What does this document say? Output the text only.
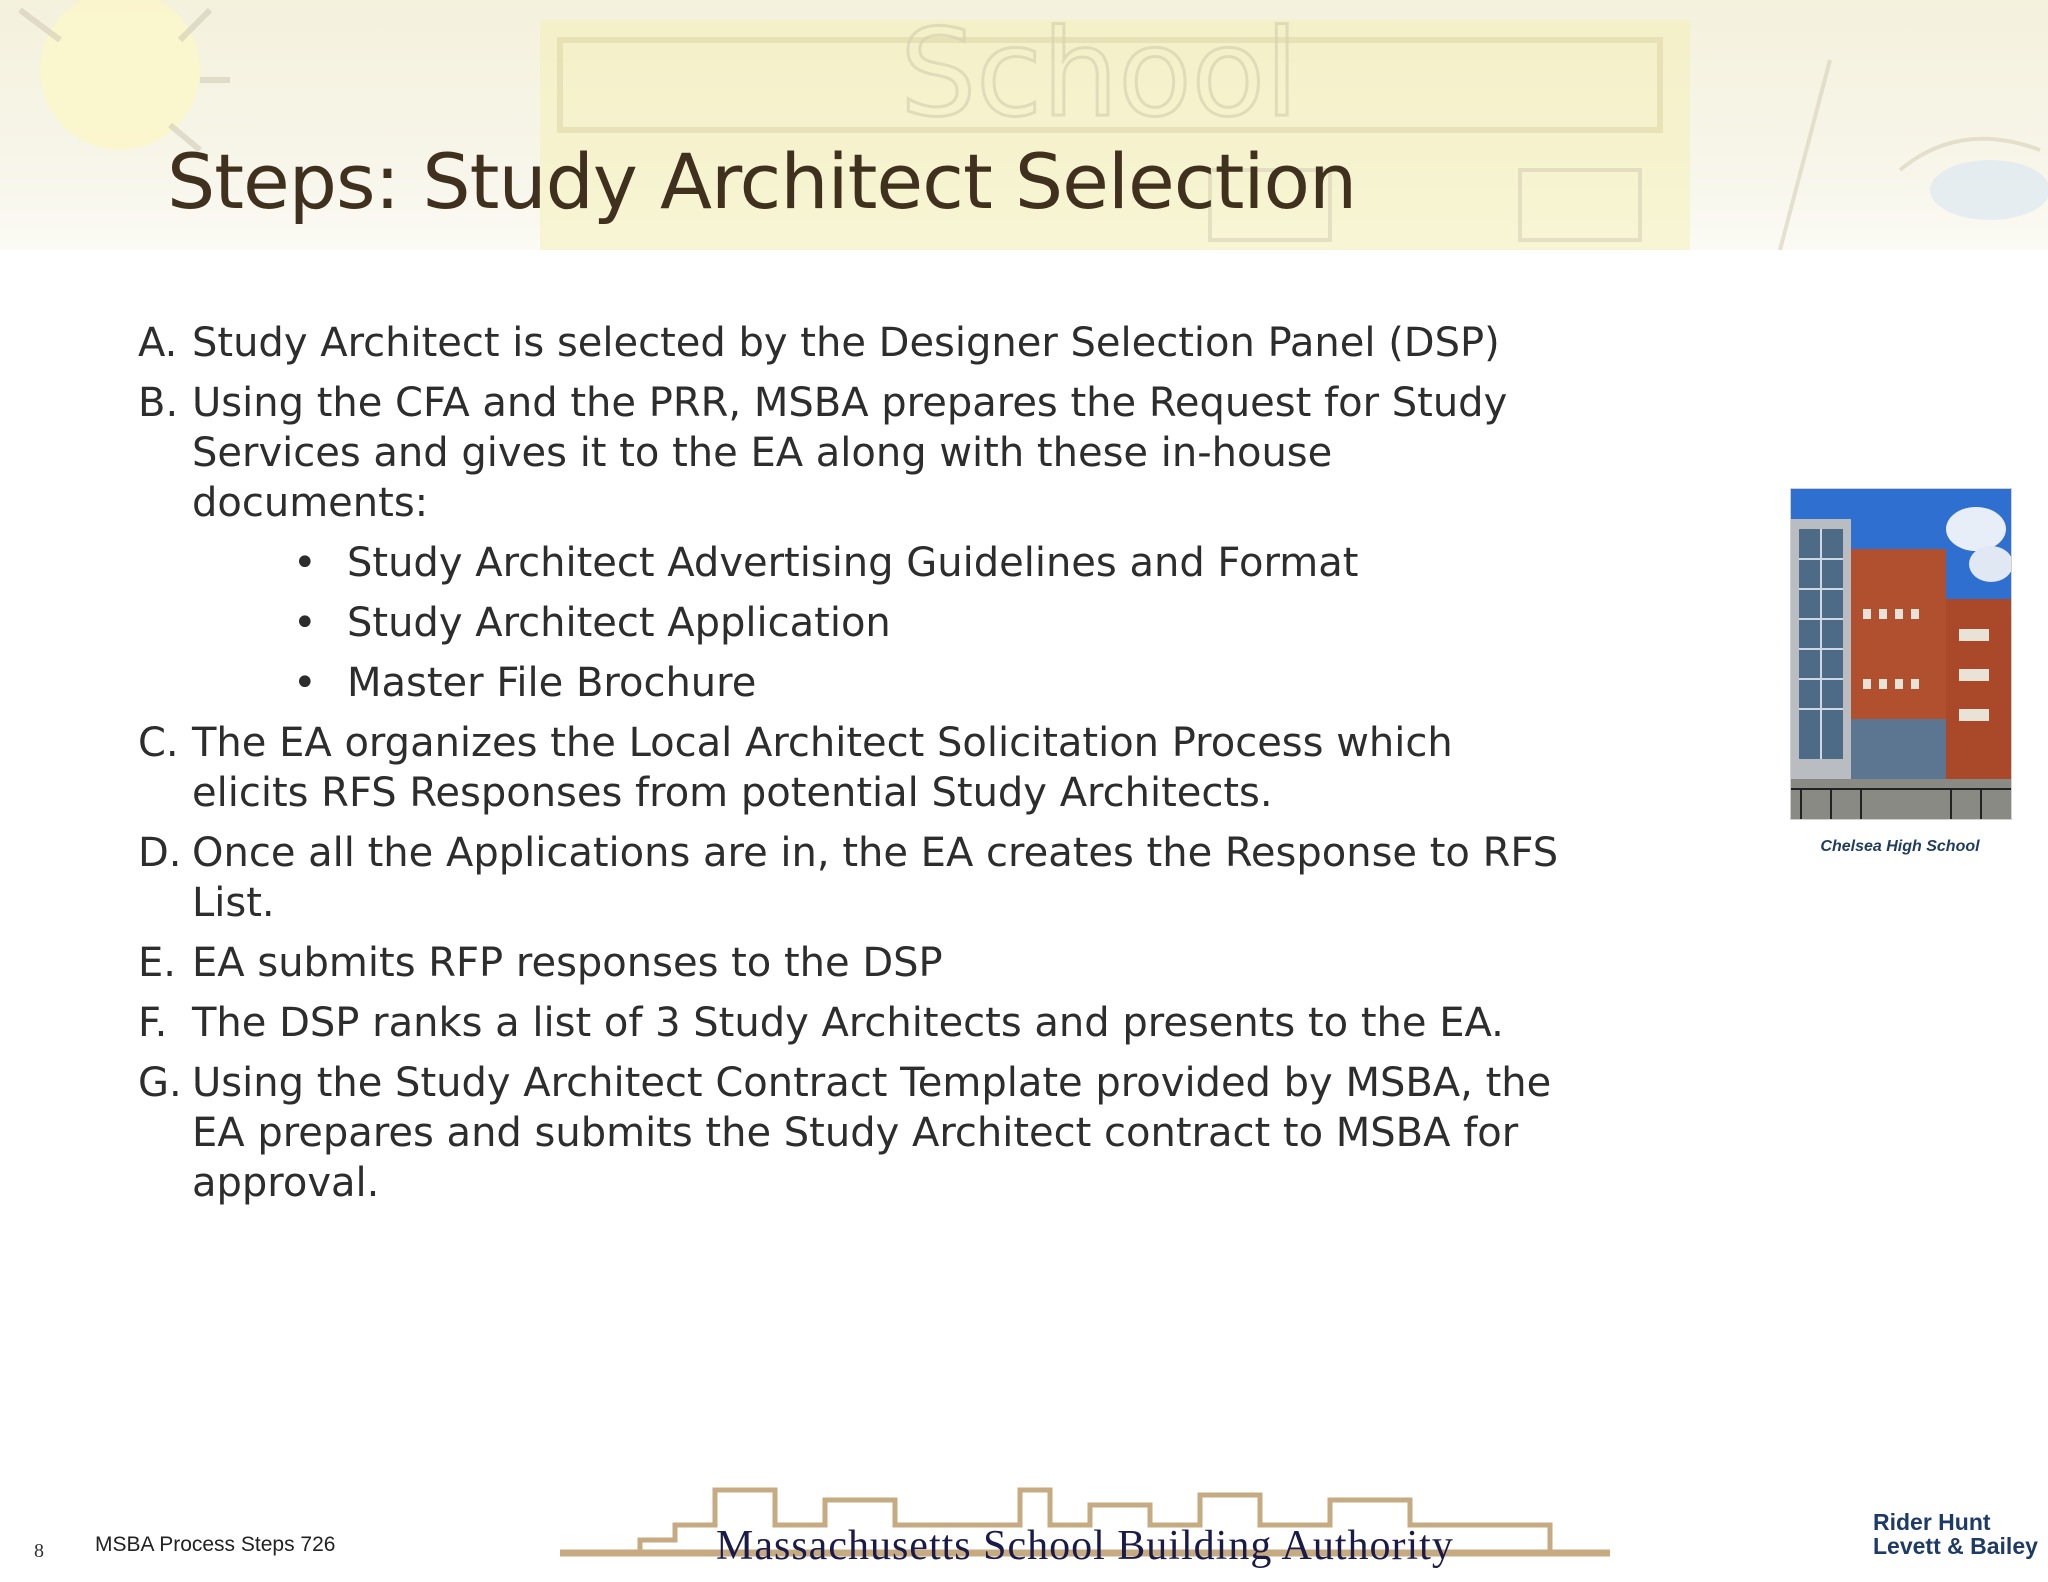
School
Steps: Study Architect Selection
A. Study Architect is selected by the Designer Selection Panel (DSP)
B. Using the CFA and the PRR, MSBA prepares the Request for Study Services and gives it to the EA along with these in-house documents:
• Study Architect Advertising Guidelines and Format
• Study Architect Application
• Master File Brochure
C. The EA organizes the Local Architect Solicitation Process which elicits RFS Responses from potential Study Architects.
D. Once all the Applications are in, the EA creates the Response to RFS List.
E. EA submits RFP responses to the DSP
F. The DSP ranks a list of 3 Study Architects and presents to the EA.
G. Using the Study Architect Contract Template provided by MSBA, the EA prepares and submits the Study Architect contract to MSBA for approval.
Chelsea High School
8 MSBA Process Steps 726	Massachusetts School Building Authority
Rider Hunt
Levett & Bailey
